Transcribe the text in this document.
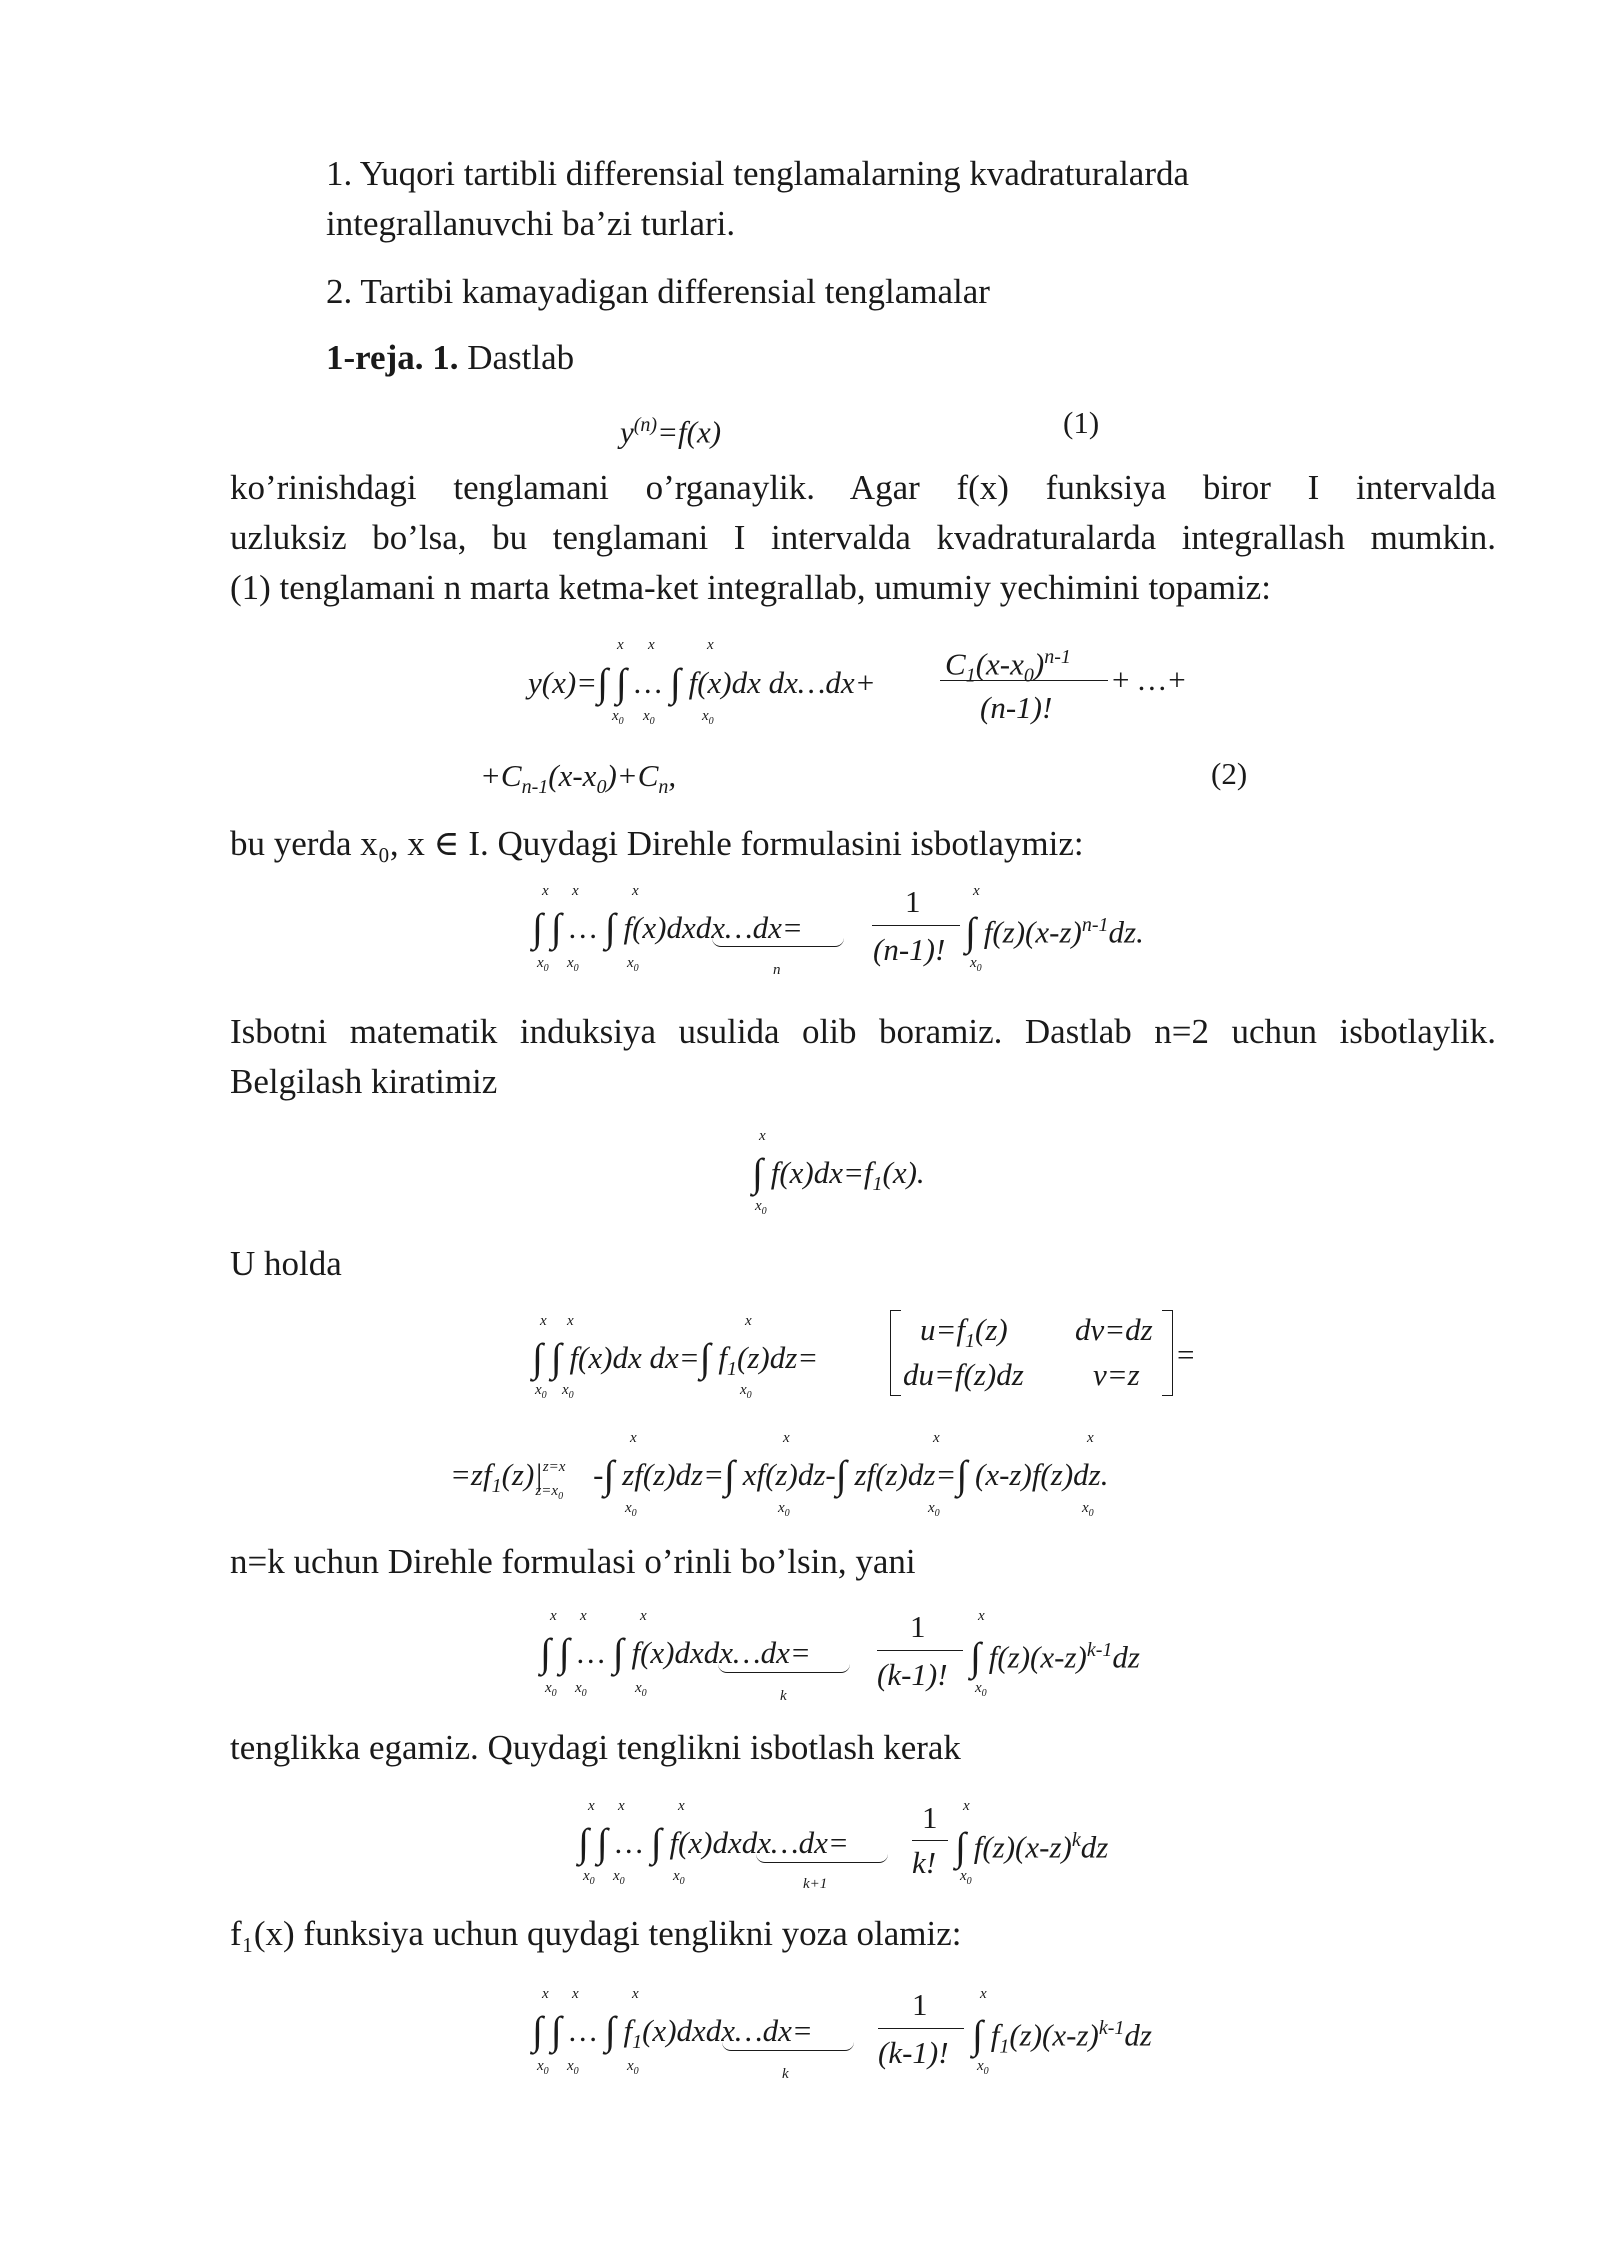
1. Yuqori tartibli differensial tenglamalarning kvadraturalarda
integrallanuvchi ba’zi turlari.
2. Tartibi kamayadigan differensial tenglamalar
1-reja. 1. Dastlab
$y^{(n)}=f(x)$	(1)
ko’rinishdagi tenglamani o’rganaylik. Agar f(x) funksiya biror I intervalda
uzluksiz bo’lsa, bu tenglamani I intervalda kvadraturalarda integrallash mumkin.
(1) tenglamani n marta ketma-ket integrallab, umumiy yechimini topamiz:
y(x)=∫ ∫ … ∫ f(x)dx dx…dx+
x x	x
$x_0$ $x_0$	$x_0$
$C_1(x-x_0)^{n-1}$
(n-1)!
+ …+
$+C_{n-1}(x-x_0)+C_n$,	(2)
bu yerda x₀, x ∈ I. Quydagi Direhle formulasini isbotlaymiz:
∫ ∫ … ∫ f(x)dxdx…dx=
x x	x
$x_0$ $x_0$	$x_0$	n
1
(n-1)! ∫ $f(z)(x-z)^{n-1}dz$.
x
$x_0$
Isbotni matematik induksiya usulida olib boramiz. Dastlab n=2 uchun isbotlaylik.
Belgilash kiratimiz
∫ $f(x)dx=f_1(x)$.
x
$x_0$
U holda
∫ ∫ f(x)dx dx=∫ $f_1(z)dz=$
x x	x
$x_0$ $x_0$	$x_0$
$u=f_1(z)$ dv=dz
du=f(z)dz v=z
=
$=zf_1(z)|^{z=x}_{z=x_0}-\int$ zf(z)dz=∫ xf(z)dz-∫ zf(z)dz=∫ (x-z)f(z)dz.
x	x	x	x
$x_0$	$x_0$	$x_0$	$x_0$
n=k uchun Direhle formulasi o’rinli bo’lsin, yani
∫ ∫ … ∫ f(x)dxdx…dx=
x x	x
$x_0$ $x_0$	$x_0$	k
1
(k-1)! ∫ $f(z)(x-z)^{k-1}dz$
x
$x_0$
tenglikka egamiz. Quydagi tenglikni isbotlash kerak
∫ ∫ … ∫ f(x)dxdx…dx=
x x	x
$x_0$ $x_0$	$x_0$	k+1
1
k! ∫ $f(z)(x-z)^kdz$
x
$x_0$
f₁(x) funksiya uchun quydagi tenglikni yoza olamiz:
∫ ∫ … ∫ $f_1(x)dxdx\dots dx=$
x x	x
$x_0$ $x_0$	$x_0$	k
1
(k-1)! ∫ $f_1(z)(x-z)^{k-1}dz$
x
$x_0$
